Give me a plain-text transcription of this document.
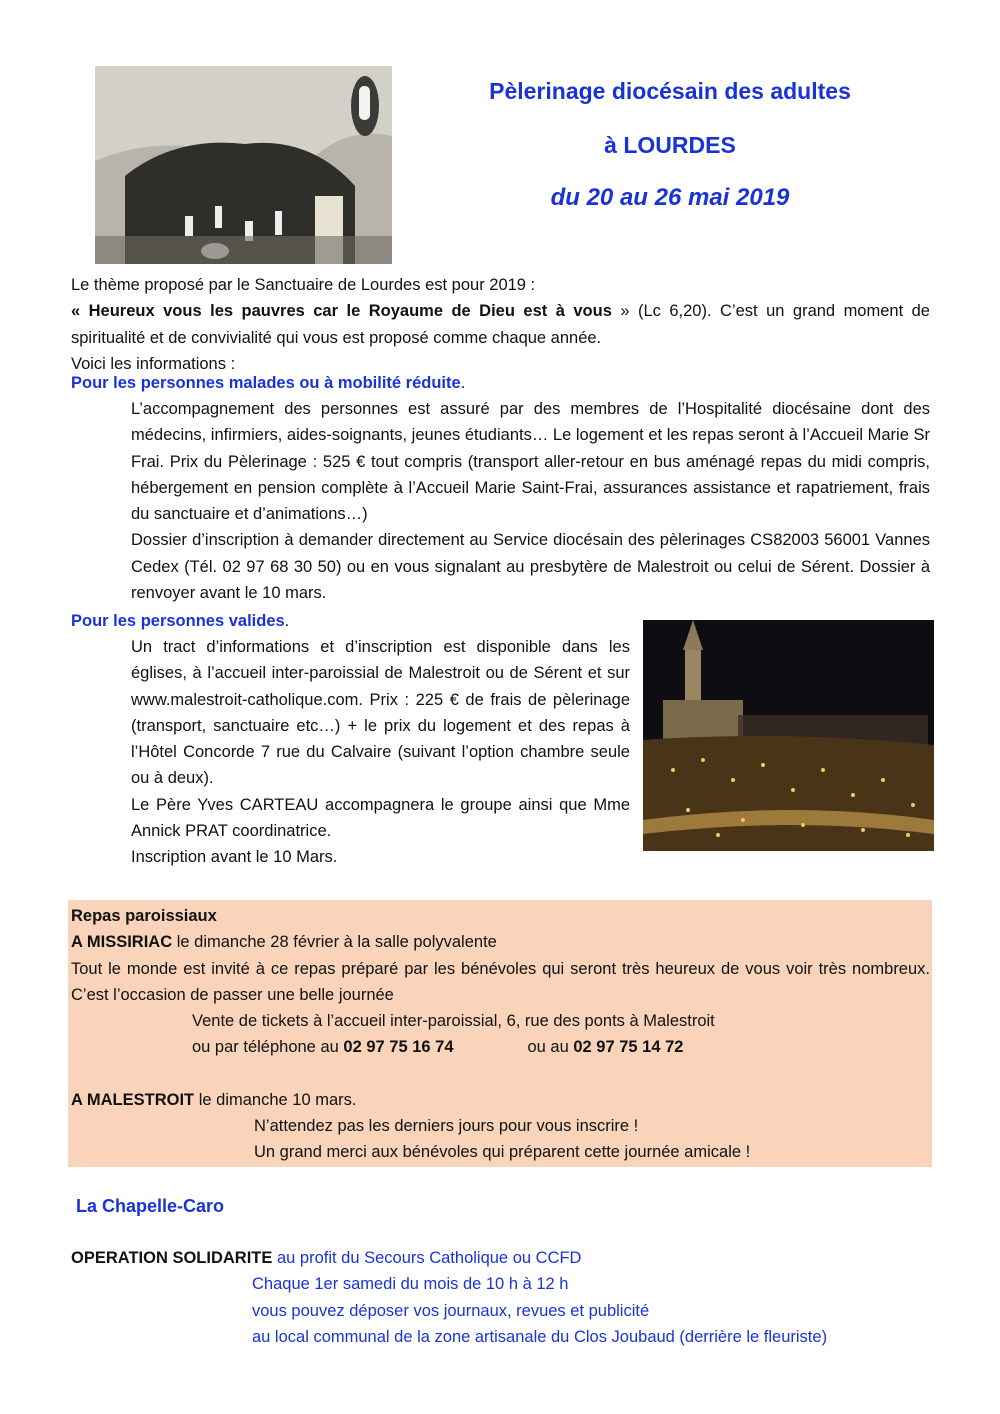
Pèlerinage diocésain des adultes
à LOURDES
du 20 au 26 mai 2019
Le thème proposé par le Sanctuaire de Lourdes est pour 2019 :
« Heureux vous les pauvres car le Royaume de Dieu est à vous » (Lc 6,20). C’est un grand moment de spiritualité et de convivialité qui vous est proposé comme chaque année.
Voici les informations :
Pour les personnes malades ou à mobilité réduite.
L’accompagnement des personnes est assuré par des membres de l’Hospitalité diocésaine dont des médecins, infirmiers, aides-soignants, jeunes étudiants… Le logement et les repas seront à l’Accueil Marie Sr Frai. Prix du Pèlerinage : 525 € tout compris (transport aller-retour en bus aménagé repas du midi compris, hébergement en pension complète à l’Accueil Marie Saint-Frai, assurances assistance et rapatriement, frais du sanctuaire et d’animations…)
Dossier d’inscription à demander directement au Service diocésain des pèlerinages CS82003 56001 Vannes Cedex (Tél. 02 97 68 30 50) ou en vous signalant au presbytère de Malestroit ou celui de Sérent. Dossier à renvoyer avant le 10 mars.
Pour les personnes valides.
Un tract d’informations et d’inscription est disponible dans les églises, à l’accueil inter-paroissial de Malestroit ou de Sérent et sur www.malestroit-catholique.com. Prix : 225 € de frais de pèlerinage (transport, sanctuaire etc…) + le prix du logement et des repas à l’Hôtel Concorde 7 rue du Calvaire (suivant l’option chambre seule ou à deux).
Le Père Yves CARTEAU accompagnera le groupe ainsi que Mme Annick PRAT coordinatrice.
Inscription avant le 10 Mars.
Repas paroissiaux
A MISSIRIAC le dimanche 28 février à la salle polyvalente
Tout le monde est invité à ce repas préparé par les bénévoles qui seront très heureux de vous voir très nombreux. C’est l’occasion de passer une belle journée
Vente de tickets à l’accueil inter-paroissial, 6, rue des ponts à Malestroit
ou par téléphone au 02 97 75 16 74	ou au 02 97 75 14 72
A MALESTROIT le dimanche 10 mars.
N’attendez pas les derniers jours pour vous inscrire !
Un grand merci aux bénévoles qui préparent cette journée amicale !
La Chapelle-Caro
OPERATION SOLIDARITE au profit du Secours Catholique ou CCFD
Chaque 1er samedi du mois de 10 h à 12 h
vous pouvez déposer vos journaux, revues et publicité
au local communal de la zone artisanale du Clos Joubaud (derrière le fleuriste)
